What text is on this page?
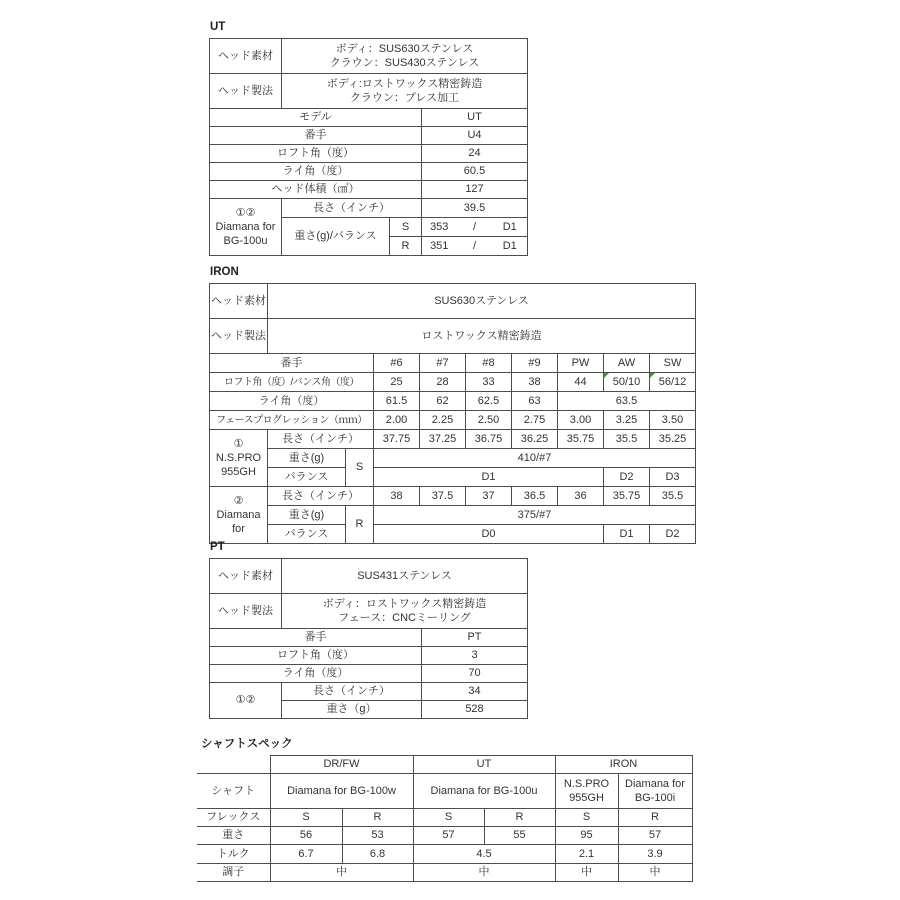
UT
ヘッド素材	ボディ：SUS630ステンレス
クラウン：SUS430ステンレス				
ヘッド製法	ボディ:ロストワックス精密鋳造
クラウン：プレス加工				
モデル			UT		
番手			U4		
ロフト角（度）			24		
ライ角（度）			60.5		
ヘッド体積（㎤）			127		
①②
Diamana for
BG-100u	長さ（インチ）		39.5		
	重さ(g)/バランス	S	353	/	D1
		R	351	/	D1
IRON
ヘッド素材	SUS630ステンレス								
ヘッド製法	ロストワックス精密鋳造								
番手			#6	#7	#8	#9	PW	AW	SW
ロフト角（度）/バンス角（度）			25	28	33	38	44	50/10	56/12
ライ角（度）			61.5	62	62.5	63	63.5		
フェースプログレッション（ｍｍ）			2.00	2.25	2.50	2.75	3.00	3.25	3.50
①
N.S.PRO
955GH	長さ（インチ）		37.75	37.25	36.75	36.25	35.75	35.5	35.25
	重さ(g)	S	410/#7						
	バランス		D1					D2	D3
②
Diamana
for	長さ（インチ）		38	37.5	37	36.5	36	35.75	35.5
	重さ(g)	R	375/#7						
	バランス		D0					D1	D2
PT
ヘッド素材	SUS431ステンレス	
ヘッド製法	ボディ：ロストワックス精密鋳造
フェース：CNCミーリング	
番手		PT
ロフト角（度）		3
ライ角（度）		70
①②	長さ（インチ）	34
	重さ（g）	528
シャフトスペック
	DR/FW		UT		IRON	
シャフト	Diamana for BG-100w		Diamana for BG-100u		N.S.PRO
955GH	Diamana for
BG-100i
フレックス	S	R	S	R	S	R
重さ	56	53	57	55	95	57
トルク	6.7	6.8	4.5		2.1	3.9
調子	中		中		中	中
